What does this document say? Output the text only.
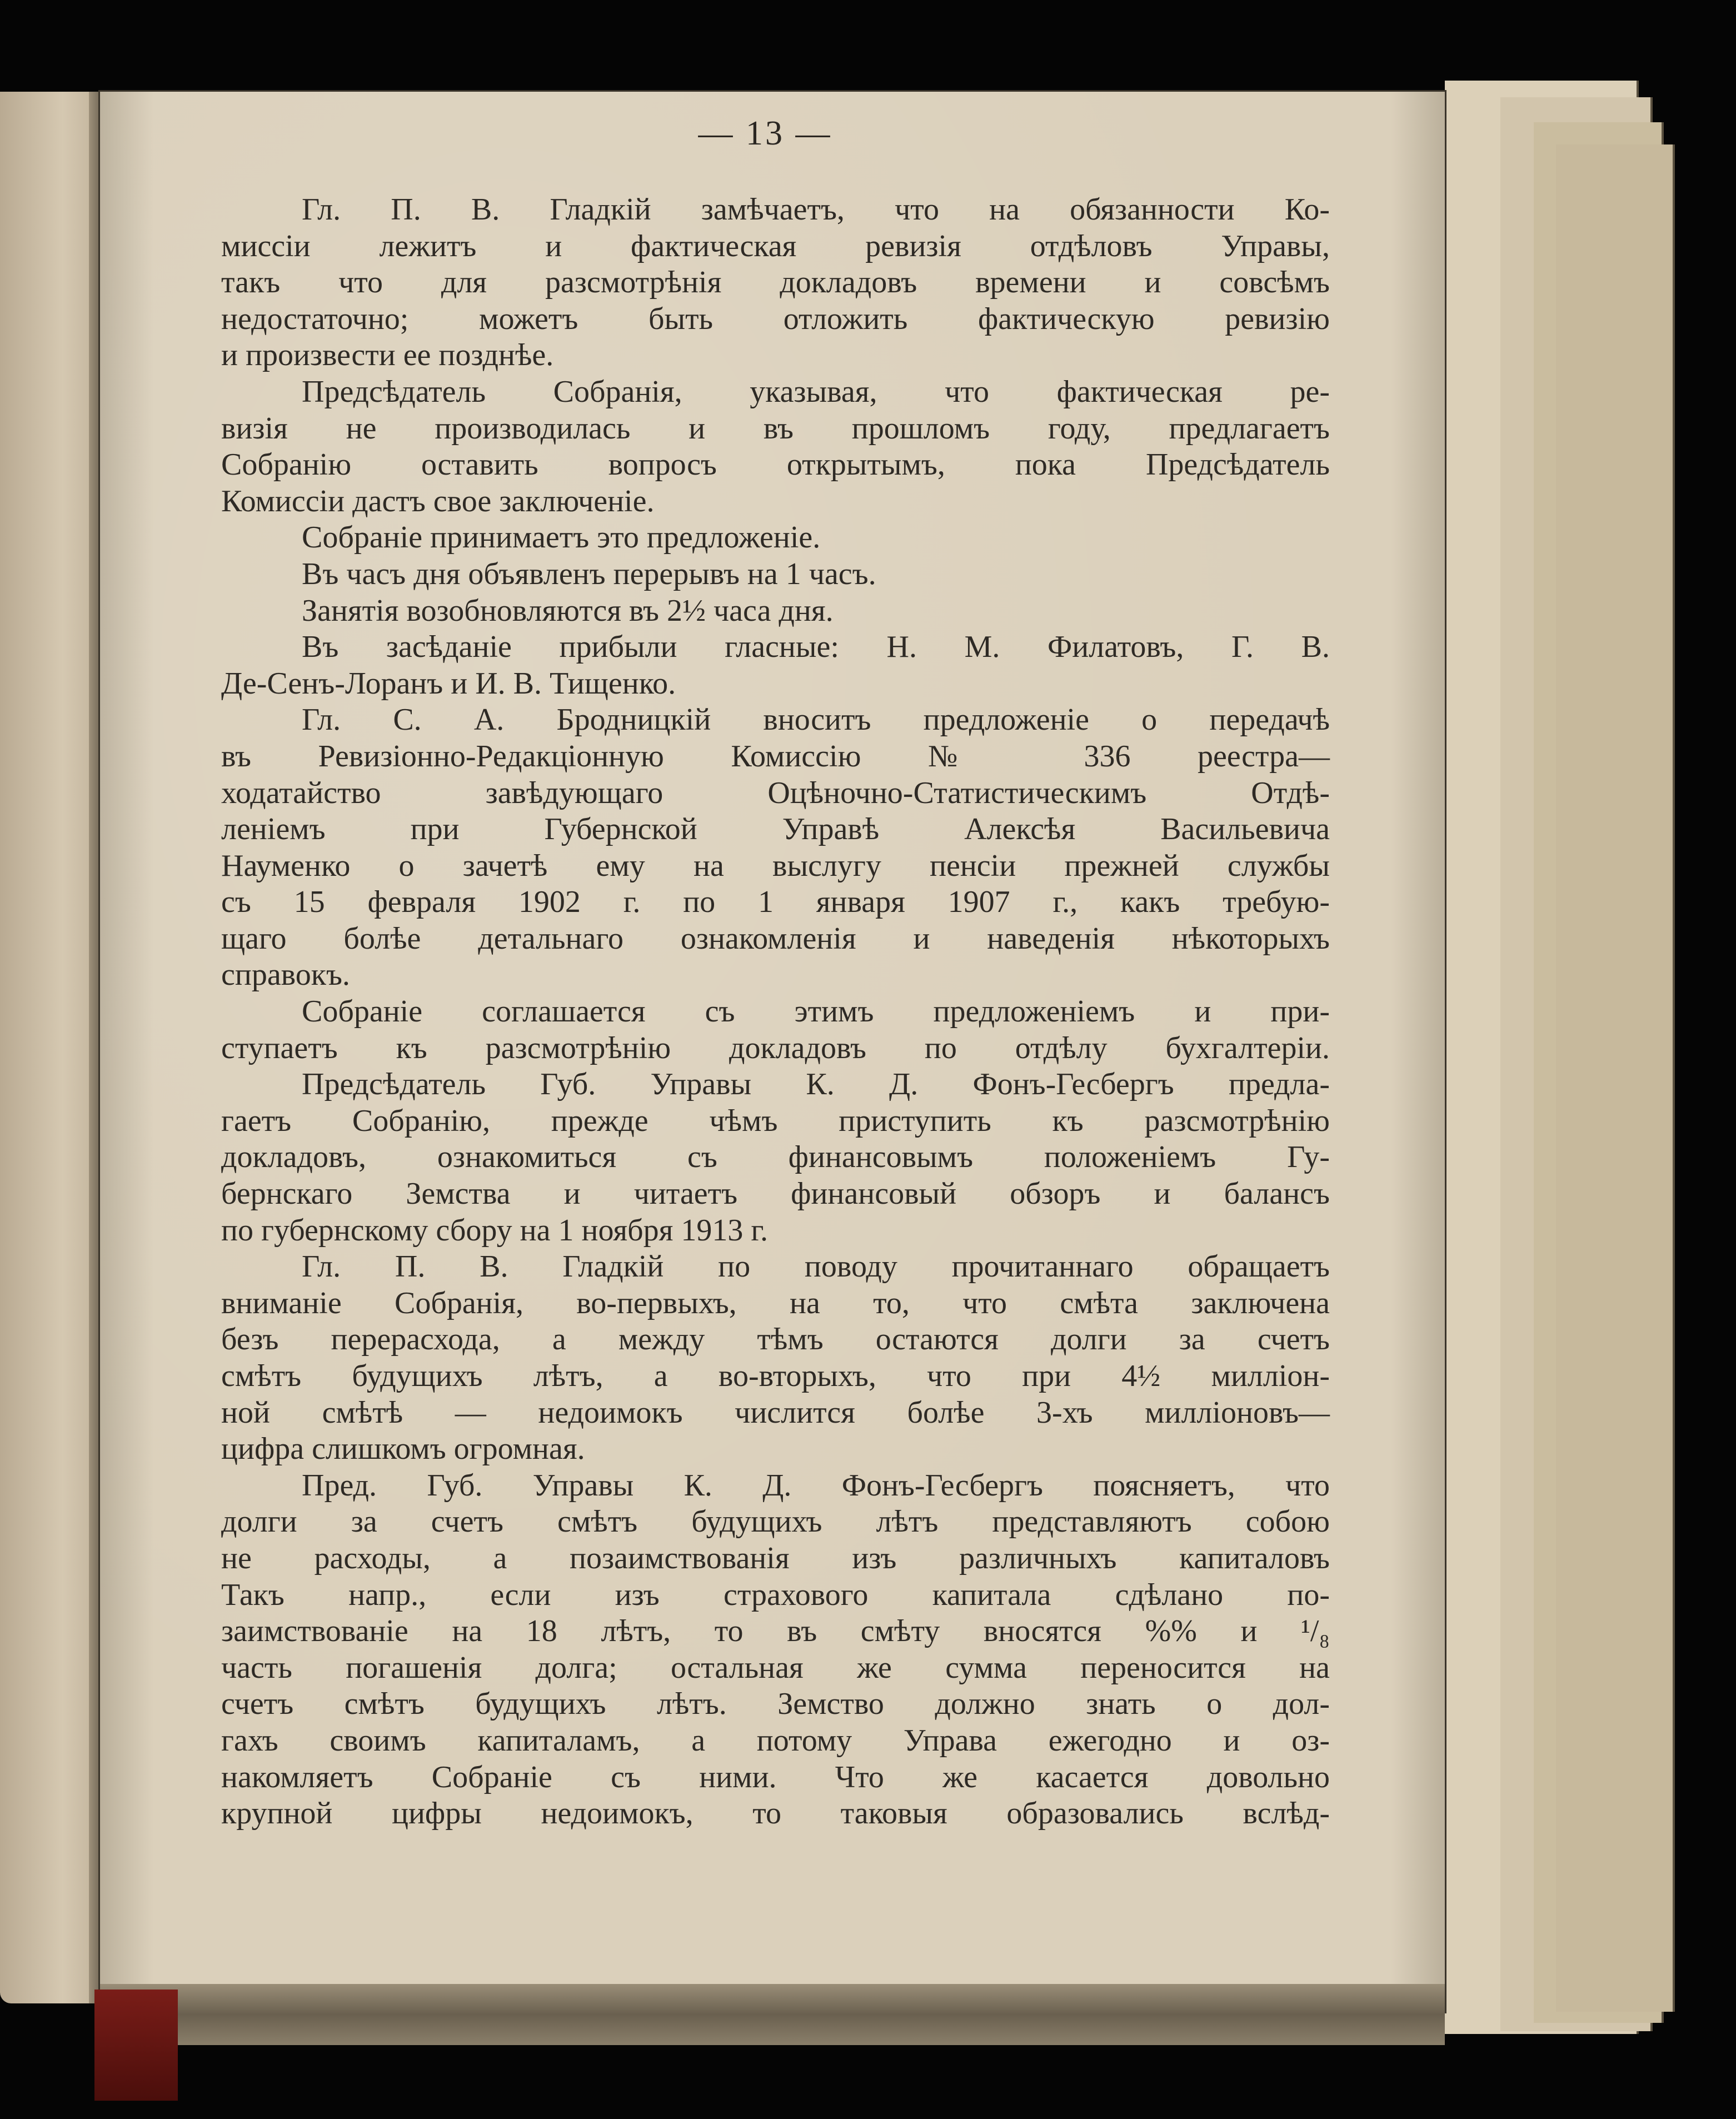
— 13 —
Гл. П. В. Гладкій замѣчаетъ, что на обязанности Ко-
миссіи лежитъ и фактическая ревизія отдѣловъ Управы,
такъ что для разсмотрѣнія докладовъ времени и совсѣмъ
недостаточно; можетъ быть отложить фактическую ревизію
и произвести ее позднѣе.
Предсѣдатель Собранія, указывая, что фактическая ре-
визія не производилась и въ прошломъ году, предлагаетъ
Собранію оставить вопросъ открытымъ, пока Предсѣдатель
Комиссіи дастъ свое заключеніе.
Собраніе принимаетъ это предложеніе.
Въ часъ дня объявленъ перерывъ на 1 часъ.
Занятія возобновляются въ 2½ часа дня.
Въ засѣданіе прибыли гласные: Н. М. Филатовъ, Г. В.
Де-Сенъ-Лоранъ и И. В. Тищенко.
Гл. С. А. Бродницкій вноситъ предложеніе о передачѣ
въ Ревизіонно-Редакціонную Комиссію № 336 реестра—
ходатайство завѣдующаго Оцѣночно-Статистическимъ Отдѣ-
леніемъ при Губернской Управѣ Алексѣя Васильевича
Науменко о зачетѣ ему на выслугу пенсіи прежней службы
съ 15 февраля 1902 г. по 1 января 1907 г., какъ требую-
щаго болѣе детальнаго ознакомленія и наведенія нѣкоторыхъ
справокъ.
Собраніе соглашается съ этимъ предложеніемъ и при-
ступаетъ къ разсмотрѣнію докладовъ по отдѣлу бухгалтеріи.
Предсѣдатель Губ. Управы К. Д. Фонъ-Гесбергъ предла-
гаетъ Собранію, прежде чѣмъ приступить къ разсмотрѣнію
докладовъ, ознакомиться съ финансовымъ положеніемъ Гу-
бернскаго Земства и читаетъ финансовый обзоръ и балансъ
по губернскому сбору на 1 ноября 1913 г.
Гл. П. В. Гладкій по поводу прочитаннаго обращаетъ
вниманіе Собранія, во-первыхъ, на то, что смѣта заключена
безъ перерасхода, а между тѣмъ остаются долги за счетъ
смѣтъ будущихъ лѣтъ, а во-вторыхъ, что при 4½ милліон-
ной смѣтѣ — недоимокъ числится болѣе 3-хъ милліоновъ—
цифра слишкомъ огромная.
Пред. Губ. Управы К. Д. Фонъ-Гесбергъ поясняетъ, что
долги за счетъ смѣтъ будущихъ лѣтъ представляютъ собою
не расходы, а позаимствованія изъ различныхъ капиталовъ
Такъ напр., если изъ страхового капитала сдѣлано по-
заимствованіе на 18 лѣтъ, то въ смѣту вносятся %% и ¹/₈
часть погашенія долга; остальная же сумма переносится на
счетъ смѣтъ будущихъ лѣтъ. Земство должно знать о дол-
гахъ своимъ капиталамъ, а потому Управа ежегодно и оз-
накомляетъ Собраніе съ ними. Что же касается довольно
крупной цифры недоимокъ, то таковыя образовались вслѣд-
